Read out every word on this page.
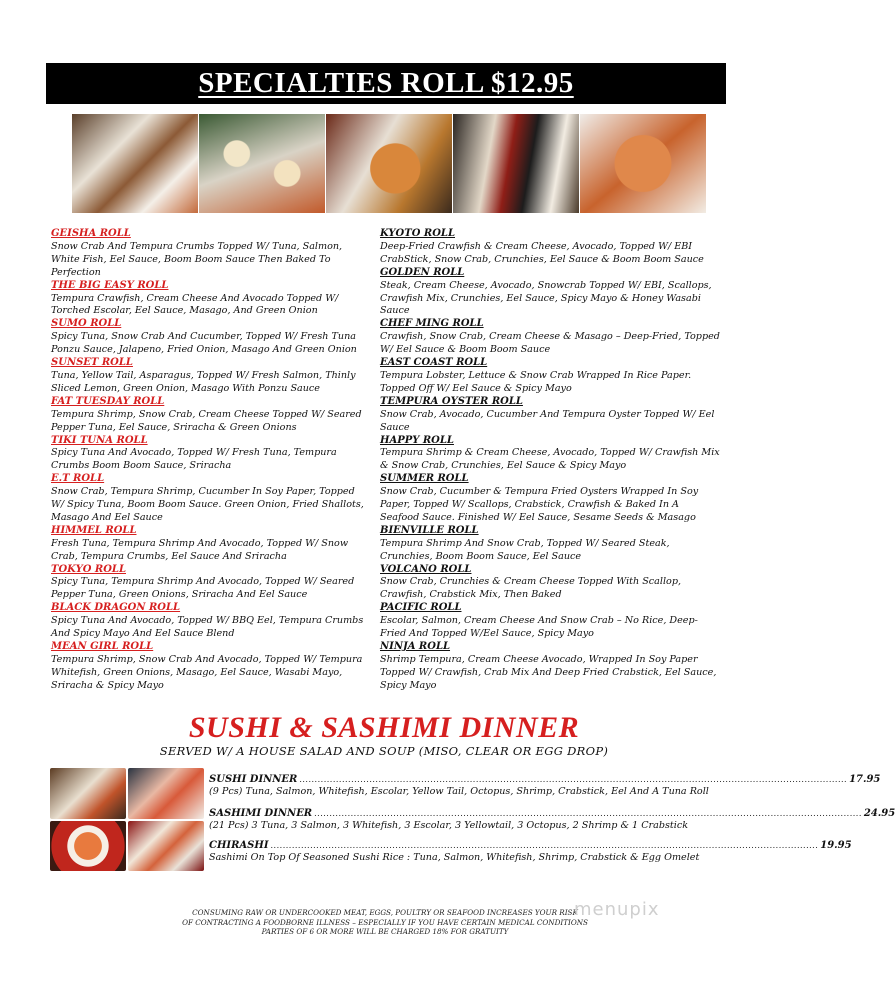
SPECIALTIES ROLL $12.95
GEISHA ROLL
Snow Crab And Tempura Crumbs Topped W/ Tuna, Salmon, White Fish, Eel Sauce, Boom Boom Sauce Then Baked To Perfection
THE BIG EASY ROLL
Tempura Crawfish, Cream Cheese And Avocado Topped W/ Torched Escolar, Eel Sauce, Masago, And Green Onion
SUMO ROLL
Spicy Tuna, Snow Crab And Cucumber, Topped W/ Fresh Tuna Ponzu Sauce, Jalapeno, Fried Onion, Masago And Green Onion
SUNSET ROLL
Tuna, Yellow Tail, Asparagus, Topped W/ Fresh Salmon, Thinly Sliced Lemon, Green Onion, Masago With Ponzu Sauce
FAT TUESDAY ROLL
Tempura Shrimp, Snow Crab, Cream Cheese Topped W/ Seared Pepper Tuna, Eel Sauce, Sriracha & Green Onions
TIKI TUNA ROLL
Spicy Tuna And Avocado, Topped W/ Fresh Tuna, Tempura Crumbs Boom Boom Sauce, Sriracha
E.T ROLL
Snow Crab, Tempura Shrimp, Cucumber In Soy Paper, Topped W/ Spicy Tuna, Boom Boom Sauce. Green Onion, Fried Shallots, Masago And Eel Sauce
HIMMEL ROLL
Fresh Tuna, Tempura Shrimp And Avocado, Topped W/ Snow Crab, Tempura Crumbs, Eel Sauce And Sriracha
TOKYO ROLL
Spicy Tuna, Tempura Shrimp And Avocado, Topped W/ Seared Pepper Tuna, Green Onions, Sriracha And Eel Sauce
BLACK DRAGON ROLL
Spicy Tuna And Avocado, Topped W/ BBQ Eel, Tempura Crumbs And Spicy Mayo And Eel Sauce Blend
MEAN GIRL ROLL
Tempura Shrimp, Snow Crab And Avocado, Topped W/ Tempura Whitefish, Green Onions, Masago, Eel Sauce, Wasabi Mayo, Sriracha & Spicy Mayo
KYOTO ROLL
Deep-Fried Crawfish & Cream Cheese, Avocado, Topped W/ EBI CrabStick, Snow Crab, Crunchies, Eel Sauce & Boom Boom Sauce
GOLDEN ROLL
Steak, Cream Cheese, Avocado, Snowcrab Topped W/ EBI, Scallops, Crawfish Mix, Crunchies, Eel Sauce, Spicy Mayo & Honey Wasabi Sauce
CHEF MING ROLL
Crawfish, Snow Crab, Cream Cheese & Masago – Deep-Fried, Topped W/ Eel Sauce & Boom Boom Sauce
EAST COAST ROLL
Tempura Lobster, Lettuce & Snow Crab Wrapped In Rice Paper. Topped Off W/ Eel Sauce & Spicy Mayo
TEMPURA OYSTER ROLL
Snow Crab, Avocado, Cucumber And Tempura Oyster Topped W/ Eel Sauce
HAPPY ROLL
Tempura Shrimp & Cream Cheese, Avocado, Topped W/ Crawfish Mix & Snow Crab, Crunchies, Eel Sauce & Spicy Mayo
SUMMER ROLL
Snow Crab, Cucumber & Tempura Fried Oysters Wrapped In Soy Paper, Topped W/ Scallops, Crabstick, Crawfish & Baked In A Seafood Sauce. Finished W/ Eel Sauce, Sesame Seeds & Masago
BIENVILLE ROLL
Tempura Shrimp And Snow Crab, Topped W/ Seared Steak, Crunchies, Boom Boom Sauce, Eel Sauce
VOLCANO ROLL
Snow Crab, Crunchies & Cream Cheese Topped With Scallop, Crawfish, Crabstick Mix, Then Baked
PACIFIC ROLL
Escolar, Salmon, Cream Cheese And Snow Crab – No Rice, Deep-Fried And Topped W/Eel Sauce, Spicy Mayo
NINJA ROLL
Shrimp Tempura, Cream Cheese Avocado, Wrapped In Soy Paper Topped W/ Crawfish, Crab Mix And Deep Fried Crabstick, Eel Sauce, Spicy Mayo
SUSHI & SASHIMI DINNER
SERVED W/ A HOUSE SALAD AND SOUP (MISO, CLEAR OR EGG DROP)
SUSHI DINNER .................................................................................................................................................................................... 17.95
(9 Pcs) Tuna, Salmon, Whitefish, Escolar, Yellow Tail, Octopus, Shrimp, Crabstick, Eel And A Tuna Roll
SASHIMI DINNER .................................................................................................................................................................................... 24.95
(21 Pcs) 3 Tuna, 3 Salmon, 3 Whitefish, 3 Escolar, 3 Yellowtail, 3 Octopus, 2 Shrimp & 1 Crabstick
CHIRASHI .................................................................................................................................................................................... 19.95
Sashimi On Top Of Seasoned Sushi Rice : Tuna, Salmon, Whitefish, Shrimp, Crabstick & Egg Omelet
CONSUMING RAW OR UNDERCOOKED MEAT, EGGS, POULTRY OR SEAFOOD INCREASES YOUR RISK
OF CONTRACTING A FOODBORNE ILLNESS – ESPECIALLY IF YOU HAVE CERTAIN MEDICAL CONDITIONS
PARTIES OF 6 OR MORE WILL BE CHARGED 18% FOR GRATUITY
menupix
